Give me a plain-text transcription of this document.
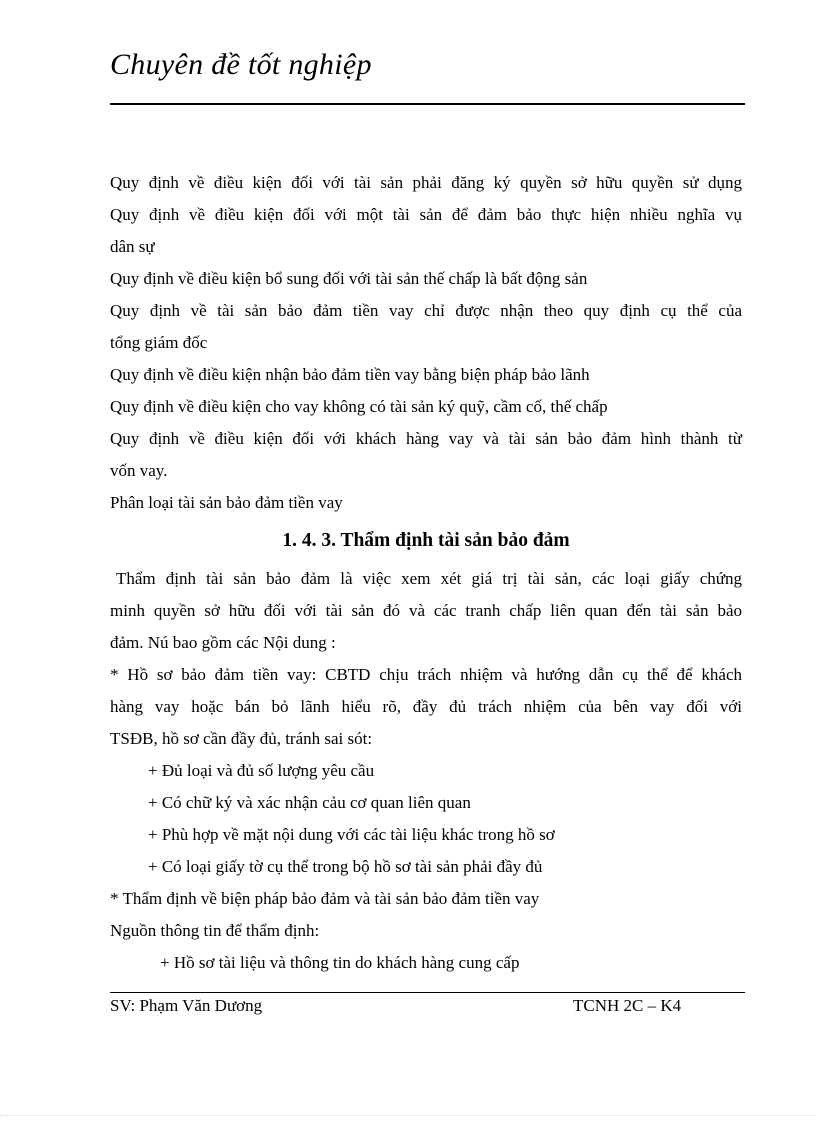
Chuyên đề tốt nghiệp
Quy định về điều kiện đối với tài sản phải đăng ký quyền sở hữu quyền sử dụng
Quy định về điều kiện đối với một tài sản để đảm bảo thực hiện nhiều nghĩa vụ
dân sự
Quy định về điều kiện bổ sung đối với tài sản thế chấp là bất động sản
Quy định về tài sản bảo đảm tiền vay chỉ được nhận theo quy định cụ thể của
tổng giám đốc
Quy định về điều kiện nhận bảo đảm tiền vay bằng biện pháp bảo lãnh
Quy định về điều kiện cho vay không có tài sản ký quỹ, cầm cố, thế chấp
Quy định về điều kiện đối với khách hàng vay và tài sản bảo đảm hình thành từ
vốn vay.
Phân loại tài sản bảo đảm tiền vay
1. 4. 3. Thẩm định tài sản bảo đảm
Thẩm định tài sản bảo đảm là việc xem xét giá trị tài sản, các loại giấy chứng
minh quyền sở hữu đối với tài sản đó và các tranh chấp liên quan đến tài sản bảo
đảm. Nú bao gồm các Nội dung :
* Hồ sơ bảo đảm tiền vay: CBTD chịu trách nhiệm và hướng dẫn cụ thể để khách
hàng vay hoặc bán bỏ lãnh hiểu rõ, đầy đủ trách nhiệm của bên vay đối với
TSĐB, hồ sơ cần đầy đủ, tránh sai sót:
+ Đủ loại và đủ số lượng yêu cầu
+ Có chữ ký và xác nhận cảu cơ quan liên quan
+ Phù hợp về mặt nội dung với các tài liệu khác trong hồ sơ
+ Có loại giấy tờ cụ thể trong bộ hồ sơ tài sản phải đầy đủ
* Thẩm định về biện pháp bảo đảm và tài sản bảo đảm tiền vay
Nguồn thông tin để thẩm định:
+ Hồ sơ tài liệu và thông tin do khách hàng cung cấp
SV: Phạm Văn Dương	TCNH 2C – K4
